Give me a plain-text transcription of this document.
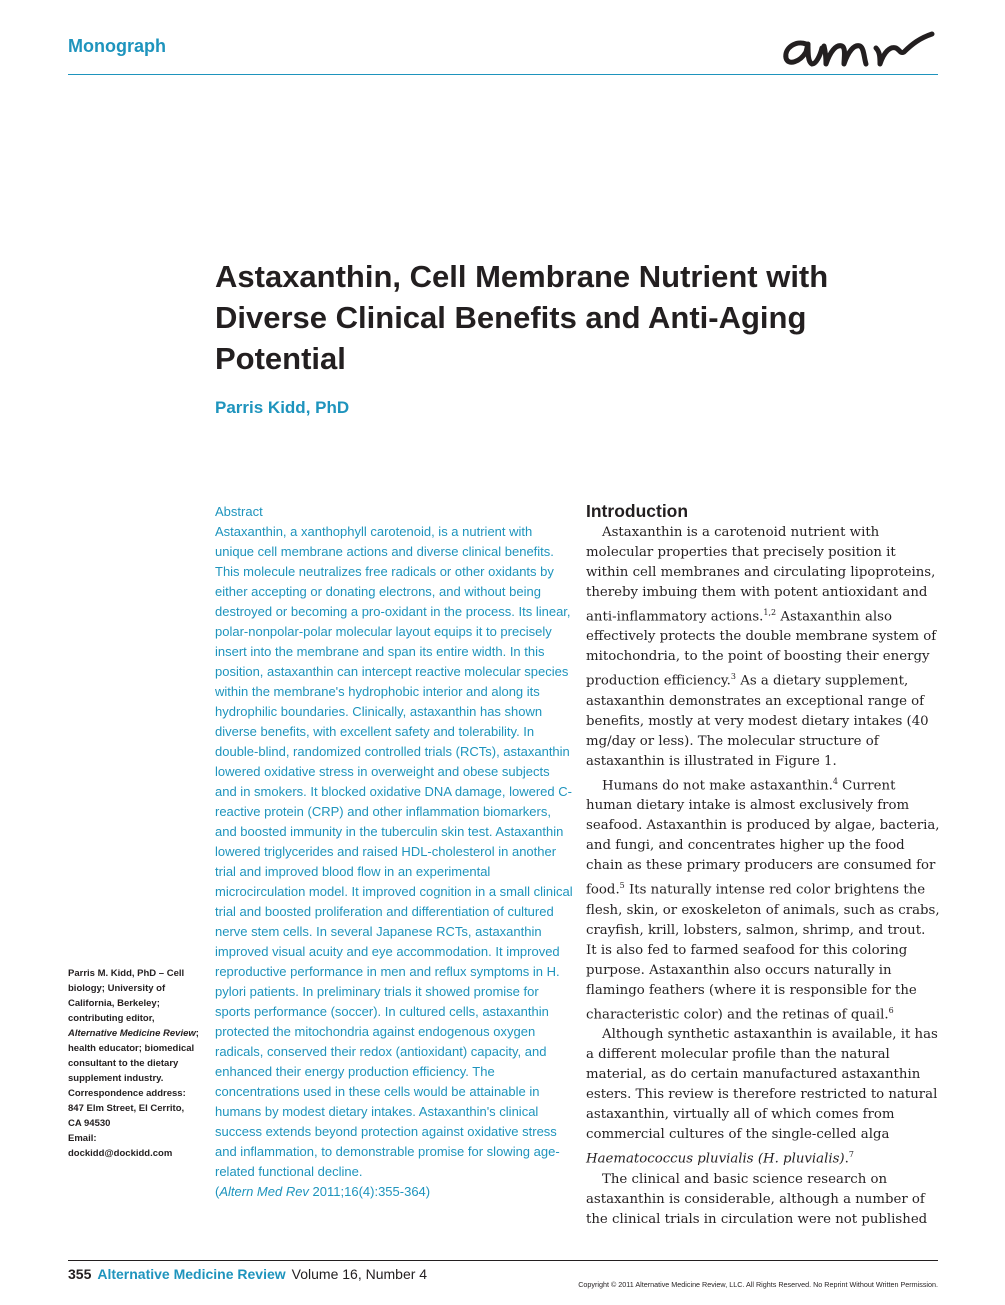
Monograph
Astaxanthin, Cell Membrane Nutrient with Diverse Clinical Benefits and Anti-Aging Potential
Parris Kidd, PhD
Abstract
Astaxanthin, a xanthophyll carotenoid, is a nutrient with unique cell membrane actions and diverse clinical benefits. This molecule neutralizes free radicals or other oxidants by either accepting or donating electrons, and without being destroyed or becoming a pro-oxidant in the process. Its linear, polar-nonpolar-polar molecular layout equips it to precisely insert into the membrane and span its entire width. In this position, astaxanthin can intercept reactive molecular species within the membrane's hydrophobic interior and along its hydrophilic boundaries. Clinically, astaxanthin has shown diverse benefits, with excellent safety and tolerability. In double-blind, randomized controlled trials (RCTs), astaxanthin lowered oxidative stress in overweight and obese subjects and in smokers. It blocked oxidative DNA damage, lowered C-reactive protein (CRP) and other inflammation biomarkers, and boosted immunity in the tuberculin skin test. Astaxanthin lowered triglycerides and raised HDL-cholesterol in another trial and improved blood flow in an experimental microcirculation model. It improved cognition in a small clinical trial and boosted proliferation and differentiation of cultured nerve stem cells. In several Japanese RCTs, astaxanthin improved visual acuity and eye accommodation. It improved reproductive performance in men and reflux symptoms in H. pylori patients. In preliminary trials it showed promise for sports performance (soccer). In cultured cells, astaxanthin protected the mitochondria against endogenous oxygen radicals, conserved their redox (antioxidant) capacity, and enhanced their energy production efficiency. The concentrations used in these cells would be attainable in humans by modest dietary intakes. Astaxanthin's clinical success extends beyond protection against oxidative stress and inflammation, to demonstrable promise for slowing age-related functional decline.
(Altern Med Rev 2011;16(4):355-364)
Parris M. Kidd, PhD – Cell biology; University of California, Berkeley; contributing editor, Alternative Medicine Review; health educator; biomedical consultant to the dietary supplement industry.
Correspondence address:
847 Elm Street, El Cerrito,
CA 94530
Email: dockidd@dockidd.com
Introduction

Astaxanthin is a carotenoid nutrient with molecular properties that precisely position it within cell membranes and circulating lipoproteins, thereby imbuing them with potent antioxidant and anti-inflammatory actions.$^{1,2}$ Astaxanthin also effectively protects the double membrane system of mitochondria, to the point of boosting their energy production efficiency.$^3$ As a dietary supplement, astaxanthin demonstrates an exceptional range of benefits, mostly at very modest dietary intakes (40 mg/day or less). The molecular structure of astaxanthin is illustrated in Figure 1.

Humans do not make astaxanthin.$^4$ Current human dietary intake is almost exclusively from seafood. Astaxanthin is produced by algae, bacteria, and fungi, and concentrates higher up the food chain as these primary producers are consumed for food.$^5$ Its naturally intense red color brightens the flesh, skin, or exoskeleton of animals, such as crabs, crayfish, krill, lobsters, salmon, shrimp, and trout. It is also fed to farmed seafood for this coloring purpose. Astaxanthin also occurs naturally in flamingo feathers (where it is responsible for the characteristic color) and the retinas of quail.$^6$

Although synthetic astaxanthin is available, it has a different molecular profile than the natural material, as do certain manufactured astaxanthin esters. This review is therefore restricted to natural astaxanthin, virtually all of which comes from commercial cultures of the single-celled alga Haematococcus pluvialis (H. pluvialis).$^7$

The clinical and basic science research on astaxanthin is considerable, although a number of the clinical trials in circulation were not published

355 Alternative Medicine Review Volume 16, Number 4
Copyright © 2011 Alternative Medicine Review, LLC. All Rights Reserved. No Reprint Without Written Permission.
